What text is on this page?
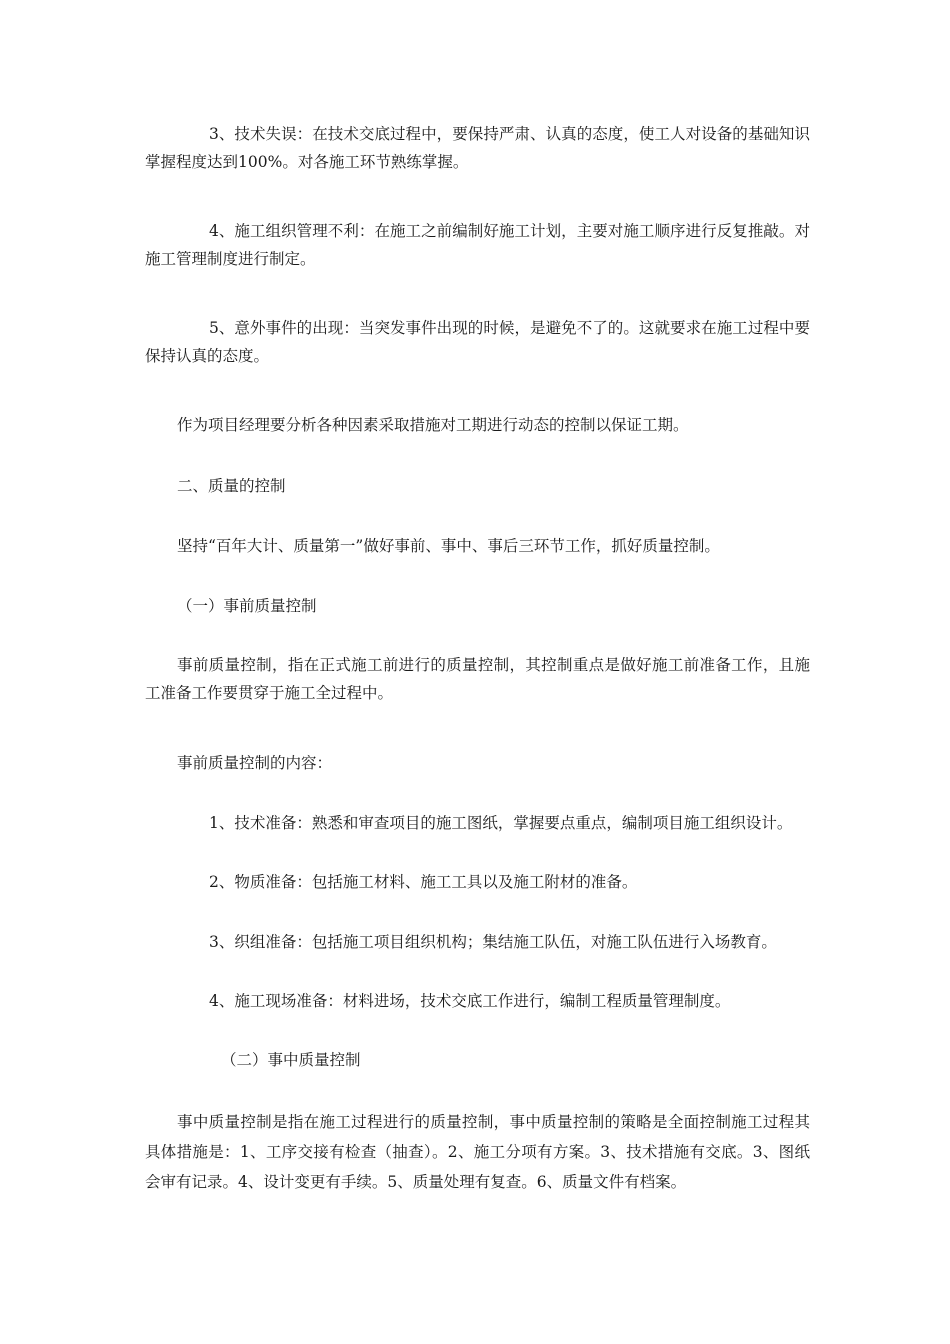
3、技术失误：在技术交底过程中，要保持严肃、认真的态度，使工人对设备的基础知识掌握程度达到100%。对各施工环节熟练掌握。

4、施工组织管理不利：在施工之前编制好施工计划，主要对施工顺序进行反复推敲。对施工管理制度进行制定。

5、意外事件的出现：当突发事件出现的时候，是避免不了的。这就要求在施工过程中要保持认真的态度。

作为项目经理要分析各种因素采取措施对工期进行动态的控制以保证工期。

二、质量的控制

坚持“百年大计、质量第一”做好事前、事中、事后三环节工作，抓好质量控制。

（一）事前质量控制

事前质量控制，指在正式施工前进行的质量控制，其控制重点是做好施工前准备工作，且施工准备工作要贯穿于施工全过程中。

事前质量控制的内容：

1、技术准备：熟悉和审查项目的施工图纸，掌握要点重点，编制项目施工组织设计。

2、物质准备：包括施工材料、施工工具以及施工附材的准备。

3、织组准备：包括施工项目组织机构；集结施工队伍，对施工队伍进行入场教育。

4、施工现场准备：材料进场，技术交底工作进行，编制工程质量管理制度。

（二）事中质量控制

事中质量控制是指在施工过程进行的质量控制，事中质量控制的策略是全面控制施工过程其具体措施是：1、工序交接有检查（抽查）。2、施工分项有方案。3、技术措施有交底。3、图纸会审有记录。4、设计变更有手续。5、质量处理有复查。6、质量文件有档案。
